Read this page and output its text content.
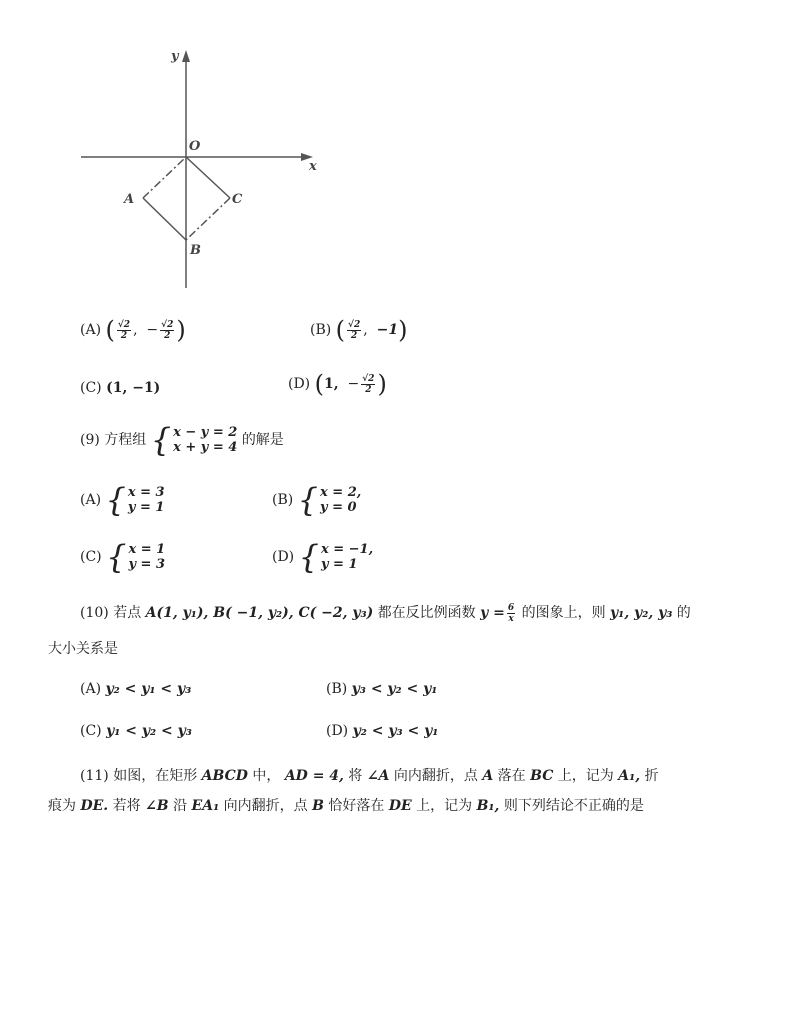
y
x
O
A	C
B
(A) ( $\frac{√2}{2}$ ,  − $\frac{√2}{2}$ )	(B) ( $\frac{√2}{2}$ ,  −1)
(C) (1, −1)	(D) (1, − $\frac{√2}{2}$ )
(9) 方程组 { x − y = 2
x + y = 4 的解是
(A) { x = 3
y = 1	(B) { x = 2,
y = 0
(C) { x = 1
y = 3	(D) { x = −1,
y = 1
(10) 若点 A(1, y₁), B( −1, y₂), C( −2, y₃) 都在反比例函数 $y = \frac{6}{x}$ 的图象上，则 y₁, y₂, y₃ 的
大小关系是
(A) y₂ < y₁ < y₃	(B) y₃ < y₂ < y₁
(C) y₁ < y₂ < y₃	(D) y₂ < y₃ < y₁
(11) 如图，在矩形 ABCD 中， AD = 4, 将 ∠A 向内翻折，点 A 落在 BC 上，记为 A₁, 折
痕为 DE. 若将 ∠B 沿 EA₁ 向内翻折，点 B 恰好落在 DE 上，记为 B₁, 则下列结论不正确的是
